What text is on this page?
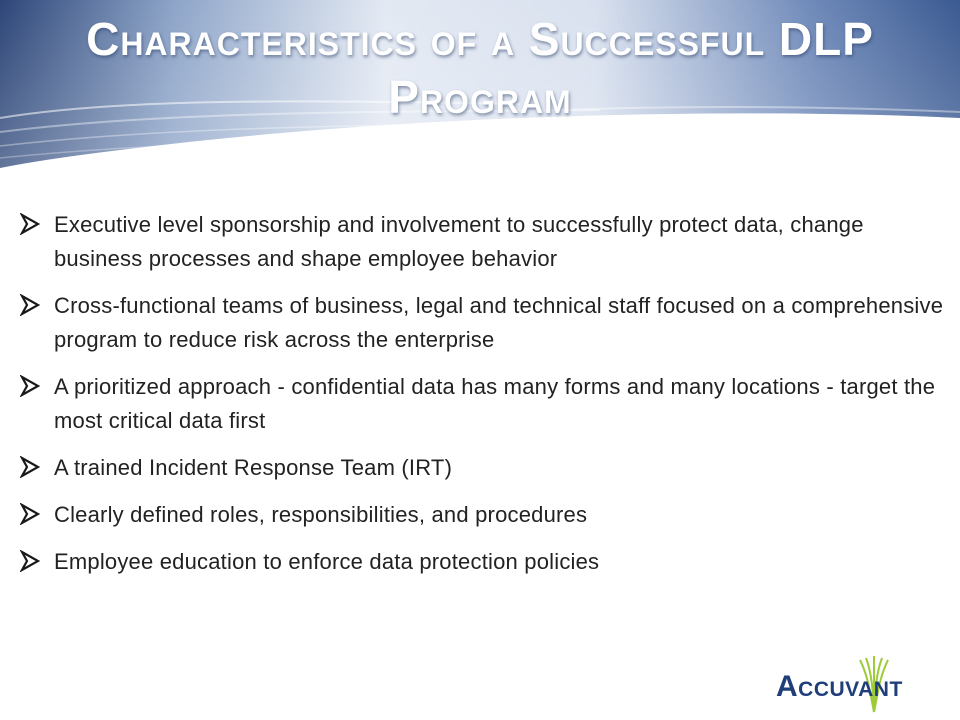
Characteristics of a Successful DLP
Program
Executive level sponsorship and involvement to successfully protect data, change business processes and shape employee behavior
Cross-functional teams of business, legal and technical staff focused on a comprehensive program to reduce risk across the enterprise
A prioritized approach - confidential data has many forms and many locations - target the most critical data first
A trained Incident Response Team (IRT)
Clearly defined roles, responsibilities, and procedures
Employee education to enforce data protection policies
Accuvant
